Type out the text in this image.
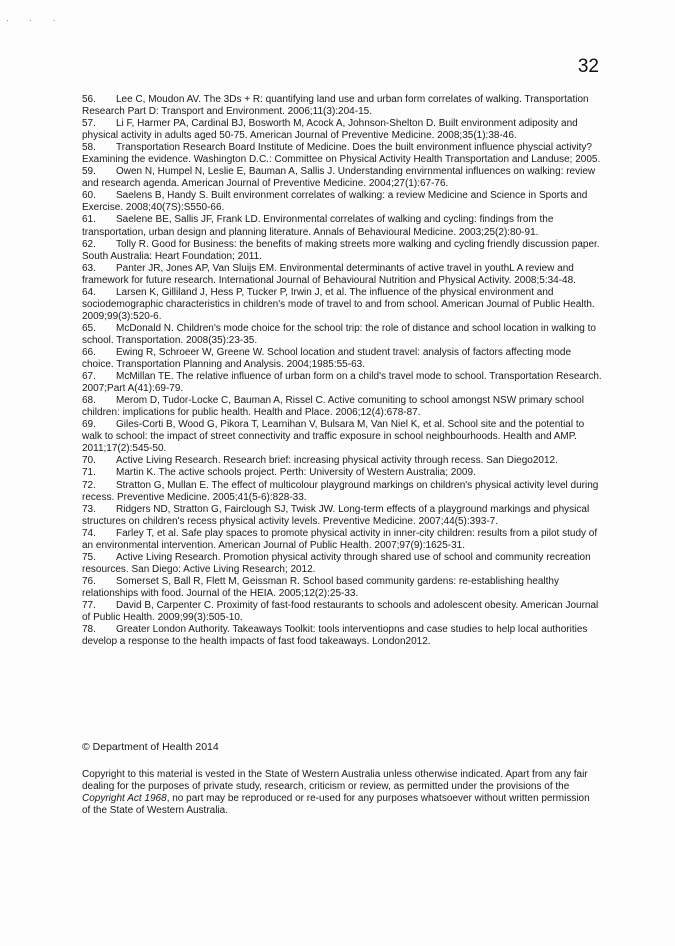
· · ·
32
56. Lee C, Moudon AV. The 3Ds + R: quantifying land use and urban form correlates of walking. Transportation Research Part D: Transport and Environment. 2006;11(3):204-15.
57. Li F, Harmer PA, Cardinal BJ, Bosworth M, Acock A, Johnson-Shelton D. Built environment adiposity and physical activity in adults aged 50-75. American Journal of Preventive Medicine. 2008;35(1):38-46.
58. Transportation Research Board Institute of Medicine. Does the built environment influence physcial activity? Examining the evidence. Washington D.C.: Committee on Physical Activity Health Transportation and Landuse; 2005.
59. Owen N, Humpel N, Leslie E, Bauman A, Sallis J. Understanding envirnmental influences on walking: review and research agenda. American Journal of Preventive Medicine. 2004;27(1):67-76.
60. Saelens B, Handy S. Built environment correlates of walking: a review Medicine and Science in Sports and Exercise. 2008;40(7S):S550-66.
61. Saelene BE, Sallis JF, Frank LD. Environmental correlates of walking and cycling: findings from the transportation, urban design and planning literature. Annals of Behavioural Medicine. 2003;25(2):80-91.
62. Tolly R. Good for Business: the benefits of making streets more walking and cycling friendly discussion paper. South Australia: Heart Foundation; 2011.
63. Panter JR, Jones AP, Van Sluijs EM. Environmental determinants of active travel in youthL A review and framework for future research. International Journal of Behavioural Nutrition and Physical Activity. 2008;5:34-48.
64. Larsen K, Gilliland J, Hess P, Tucker P, Irwin J, et al. The influence of the physical environment and sociodemographic characteristics in children's mode of travel to and from school. American Journal of Public Health. 2009;99(3):520-6.
65. McDonald N. Children's mode choice for the school trip: the role of distance and school location in walking to school. Transportation. 2008(35):23-35.
66. Ewing R, Schroeer W, Greene W. School location and student travel: analysis of factors affecting mode choice. Transportation Planning and Analysis. 2004;1985:55-63.
67. McMillan TE. The relative influence of urban form on a child's travel mode to school. Transportation Research. 2007;Part A(41):69-79.
68. Merom D, Tudor-Locke C, Bauman A, Rissel C. Active comuniting to school amongst NSW primary school children: implications for public health. Health and Place. 2006;12(4):678-87.
69. Giles-Corti B, Wood G, Pikora T, Learnihan V, Bulsara M, Van Niel K, et al. School site and the potential to walk to school: the impact of street connectivity and traffic exposure in school neighbourhoods. Health and AMP. 2011;17(2):545-50.
70. Active Living Research. Research brief: increasing physical activity through recess. San Diego2012.
71. Martin K. The active schools project. Perth: University of Western Australia; 2009.
72. Stratton G, Mullan E. The effect of multicolour playground markings on children's physical activity level during recess. Preventive Medicine. 2005;41(5-6):828-33.
73. Ridgers ND, Stratton G, Fairclough SJ, Twisk JW. Long-term effects of a playground markings and physical structures on children's recess physical activity levels. Preventive Medicine. 2007;44(5):393-7.
74. Farley T, et al. Safe play spaces to promote physical activity in inner-city children: results from a pilot study of an environmental intervention. American Journal of Public Health. 2007;97(9):1625-31.
75. Active Living Research. Promotion physical activity through shared use of school and community recreation resources. San Diego: Active Living Research; 2012.
76. Somerset S, Ball R, Flett M, Geissman R. School based community gardens: re-establishing healthy relationships with food. Journal of the HEIA. 2005;12(2):25-33.
77. David B, Carpenter C. Proximity of fast-food restaurants to schools and adolescent obesity. American Journal of Public Health. 2009;99(3):505-10.
78. Greater London Authority. Takeaways Toolkit: tools interventiopns and case studies to help local authorities develop a response to the health impacts of fast food takeaways. London2012.
© Department of Health 2014

Copyright to this material is vested in the State of Western Australia unless otherwise indicated. Apart from any fair dealing for the purposes of private study, research, criticism or review, as permitted under the provisions of the Copyright Act 1968, no part may be reproduced or re-used for any purposes whatsoever without written permission of the State of Western Australia.
